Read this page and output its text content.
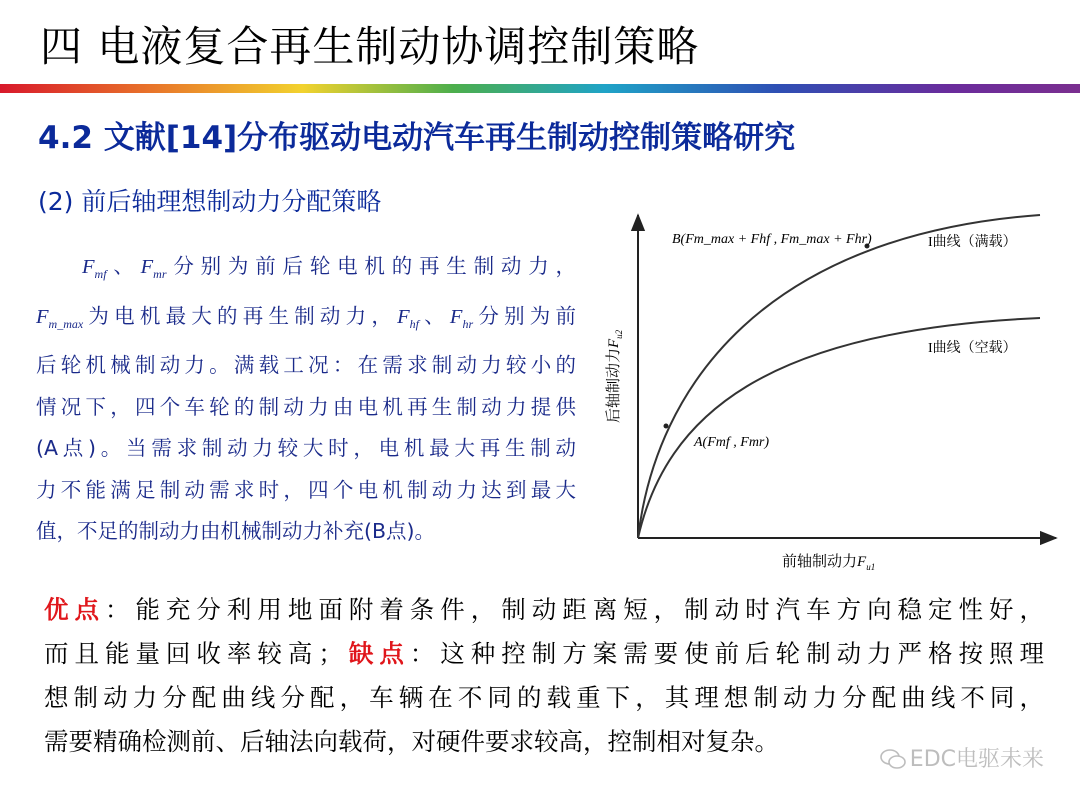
四 电液复合再生制动协调控制策略
4.2 文献[14]分布驱动电动汽车再生制动控制策略研究
(2) 前后轴理想制动力分配策略
$F_{mf}$、$F_{mr}$分别为前后轮电机的再生制动力，
$F_{m\_max}$为电机最大的再生制动力，$F_{hf}$、$F_{hr}$分别为前
后轮机械制动力。满载工况：在需求制动力较小的
情况下，四个车轮的制动力由电机再生制动力提供
(A点)。当需求制动力较大时，电机最大再生制动
力不能满足制动需求时，四个电机制动力达到最大
值，不足的制动力由机械制动力补充(B点)。
B(Fm_max + Fhf , Fm_max + Fhr)
A(Fmf , Fmr)
I曲线（满载）
I曲线（空载）
后轴制动力$F_{u2}$
前轴制动力$F_{u1}$
优点：能充分利用地面附着条件，制动距离短，制动时汽车方向稳定性好，
而且能量回收率较高；缺点：这种控制方案需要使前后轮制动力严格按照理
想制动力分配曲线分配，车辆在不同的载重下，其理想制动力分配曲线不同，
需要精确检测前、后轴法向载荷，对硬件要求较高，控制相对复杂。
EDC电驱未来
